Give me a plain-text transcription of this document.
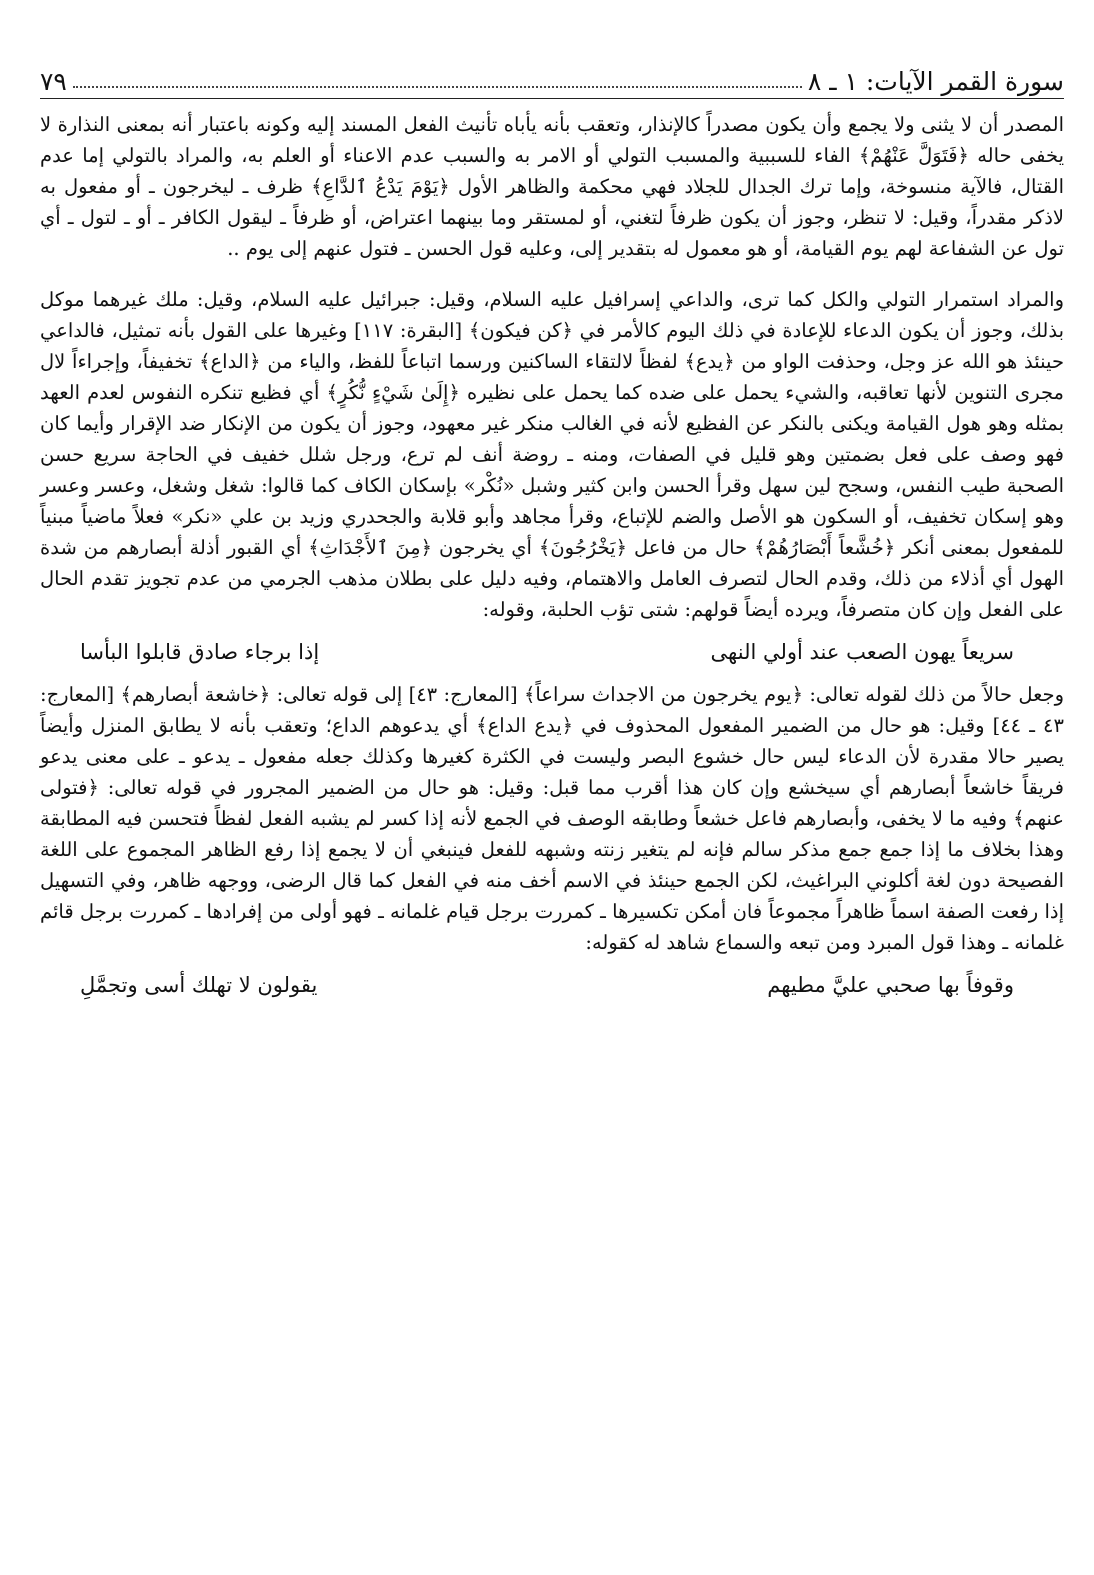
سورة القمر الآيات: ١ ـ ٨
٧٩

المصدر أن لا يثنى ولا يجمع وأن يكون مصدراً كالإنذار، وتعقب بأنه يأباه تأنيث الفعل المسند إليه وكونه باعتبار أنه بمعنى النذارة لا يخفى حاله ﴿فَتَوَلَّ عَنْهُمْ﴾ الفاء للسببية والمسبب التولي أو الامر به والسبب عدم الاعناء أو العلم به، والمراد بالتولي إما عدم القتال، فالآية منسوخة، وإما ترك الجدال للجلاد فهي محكمة والظاهر الأول ﴿يَوْمَ يَدْعُ ٱلدَّاعِ﴾ ظرف ـ ليخرجون ـ أو مفعول به لاذكر مقدراً، وقيل: لا تنظر، وجوز أن يكون ظرفاً لتغني، أو لمستقر وما بينهما اعتراض، أو ظرفاً ـ ليقول الكافر ـ أو ـ لتول ـ أي تول عن الشفاعة لهم يوم القيامة، أو هو معمول له بتقدير إلى، وعليه قول الحسن ـ فتول عنهم إلى يوم ..

والمراد استمرار التولي والكل كما ترى، والداعي إسرافيل عليه السلام، وقيل: جبرائيل عليه السلام، وقيل: ملك غيرهما موكل بذلك، وجوز أن يكون الدعاء للإعادة في ذلك اليوم كالأمر في ﴿كن فيكون﴾ [البقرة: ١١٧] وغيرها على القول بأنه تمثيل، فالداعي حينئذ هو الله عز وجل، وحذفت الواو من ﴿يدع﴾ لفظاً لالتقاء الساكنين ورسما اتباعاً للفظ، والياء من ﴿الداع﴾ تخفيفاً، وإجراءاً لال مجرى التنوين لأنها تعاقبه، والشيء يحمل على ضده كما يحمل على نظيره ﴿إِلَىٰ شَيْءٍ نُّكُرٍ﴾ أي فظيع تنكره النفوس لعدم العهد بمثله وهو هول القيامة ويكنى بالنكر عن الفظيع لأنه في الغالب منكر غير معهود، وجوز أن يكون من الإنكار ضد الإقرار وأيما كان فهو وصف على فعل بضمتين وهو قليل في الصفات، ومنه ـ روضة أنف لم ترع، ورجل شلل خفيف في الحاجة سريع حسن الصحبة طيب النفس، وسجح لين سهل وقرأ الحسن وابن كثير وشبل «نُكْر» بإسكان الكاف كما قالوا: شغل وشغل، وعسر وعسر وهو إسكان تخفيف، أو السكون هو الأصل والضم للإتباع، وقرأ مجاهد وأبو قلابة والجحدري وزيد بن علي «نكر» فعلاً ماضياً مبنياً للمفعول بمعنى أنكر ﴿خُشَّعاً أَبْصَارُهُمْ﴾ حال من فاعل ﴿يَخْرُجُونَ﴾ أي يخرجون ﴿مِنَ ٱلأَجْدَاثِ﴾ أي القبور أذلة أبصارهم من شدة الهول أي أذلاء من ذلك، وقدم الحال لتصرف العامل والاهتمام، وفيه دليل على بطلان مذهب الجرمي من عدم تجويز تقدم الحال على الفعل وإن كان متصرفاً، ويرده أيضاً قولهم: شتى تؤب الحلبة، وقوله:

سريعاً يهون الصعب عند أولي النهى
إذا برجاء صادق قابلوا البأسا

وجعل حالاً من ذلك لقوله تعالى: ﴿يوم يخرجون من الاجداث سراعاً﴾ [المعارج: ٤٣] إلى قوله تعالى: ﴿خاشعة أبصارهم﴾ [المعارج: ٤٣ ـ ٤٤] وقيل: هو حال من الضمير المفعول المحذوف في ﴿يدع الداع﴾ أي يدعوهم الداع؛ وتعقب بأنه لا يطابق المنزل وأيضاً يصير حالا مقدرة لأن الدعاء ليس حال خشوع البصر وليست في الكثرة كغيرها وكذلك جعله مفعول ـ يدعو ـ على معنى يدعو فريقاً خاشعاً أبصارهم أي سيخشع وإن كان هذا أقرب مما قبل: وقيل: هو حال من الضمير المجرور في قوله تعالى: ﴿فتولى عنهم﴾ وفيه ما لا يخفى، وأبصارهم فاعل خشعاً وطابقه الوصف في الجمع لأنه إذا كسر لم يشبه الفعل لفظاً فتحسن فيه المطابقة وهذا بخلاف ما إذا جمع جمع مذكر سالم فإنه لم يتغير زنته وشبهه للفعل فينبغي أن لا يجمع إذا رفع الظاهر المجموع على اللغة الفصيحة دون لغة أكلوني البراغيث، لكن الجمع حينئذ في الاسم أخف منه في الفعل كما قال الرضى، ووجهه ظاهر، وفي التسهيل إذا رفعت الصفة اسماً ظاهراً مجموعاً فان أمكن تكسيرها ـ كمررت برجل قيام غلمانه ـ فهو أولى من إفرادها ـ كمررت برجل قائم غلمانه ـ وهذا قول المبرد ومن تبعه والسماع شاهد له كقوله:

وقوفاً بها صحبي عليَّ مطيهم
يقولون لا تهلك أسى وتجمَّلِ
